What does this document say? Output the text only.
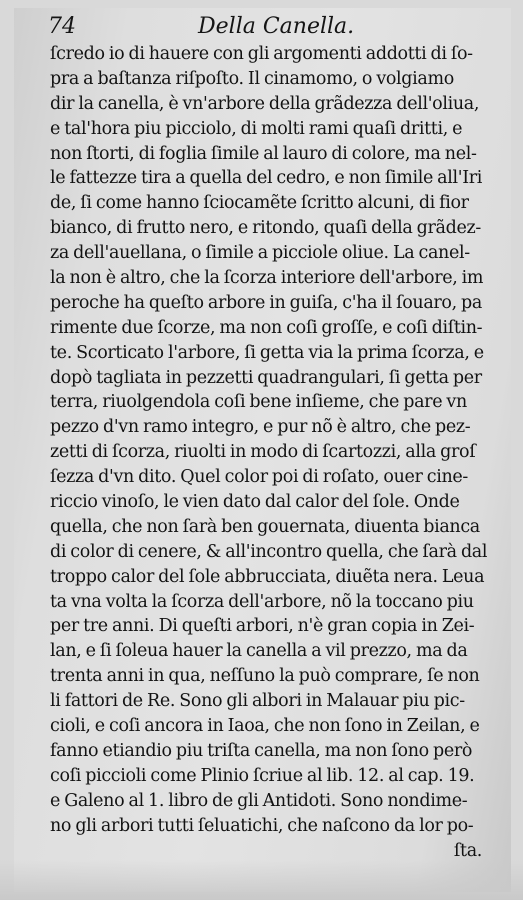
74	Della Canella.
ſcredo io di hauere con gli argomenti addotti di ſo-
pra a baſtanza riſpoſto. Il cinamomo, o volgiamo
dir la canella, è vn'arbore della grãdezza dell'oliua,
e tal'hora piu picciolo, di molti rami quaſi dritti, e
non ſtorti, di foglia ſimile al lauro di colore, ma nel-
le fattezze tira a quella del cedro, e non ſimile all'Iri
de, ſi come hanno ſciocamẽte ſcritto alcuni, di fior
bianco, di frutto nero, e ritondo, quaſi della grãdez-
za dell'auellana, o ſimile a picciole oliue. La canel-
la non è altro, che la ſcorza interiore dell'arbore, im
peroche ha queſto arbore in guiſa, c'ha il ſouaro, pa
rimente due ſcorze, ma non coſi groſſe, e coſi diſtin-
te. Scorticato l'arbore, ſi getta via la prima ſcorza, e
dopò tagliata in pezzetti quadrangulari, ſi getta per
terra, riuolgendola coſi bene inſieme, che pare vn
pezzo d'vn ramo integro, e pur nõ è altro, che pez-
zetti di ſcorza, riuolti in modo di ſcartozzi, alla groſ
ſezza d'vn dito. Quel color poi di roſato, ouer cine-
riccio vinoſo, le vien dato dal calor del ſole. Onde
quella, che non ſarà ben gouernata, diuenta bianca
di color di cenere, & all'incontro quella, che ſarà dal
troppo calor del ſole abbrucciata, diuẽta nera. Leua
ta vna volta la ſcorza dell'arbore, nõ la toccano piu
per tre anni. Di queſti arbori, n'è gran copia in Zei-
lan, e ſi ſoleua hauer la canella a vil prezzo, ma da
trenta anni in qua, neſſuno la può comprare, ſe non
li fattori de Re. Sono gli albori in Malauar piu pic-
cioli, e coſi ancora in Iaoa, che non ſono in Zeilan, e
fanno etiandio piu triſta canella, ma non ſono però
coſi piccioli come Plinio ſcriue al lib. 12. al cap. 19.
e Galeno al 1. libro de gli Antidoti. Sono nondime-
no gli arbori tutti ſeluatichi, che naſcono da lor po-
ſta.
